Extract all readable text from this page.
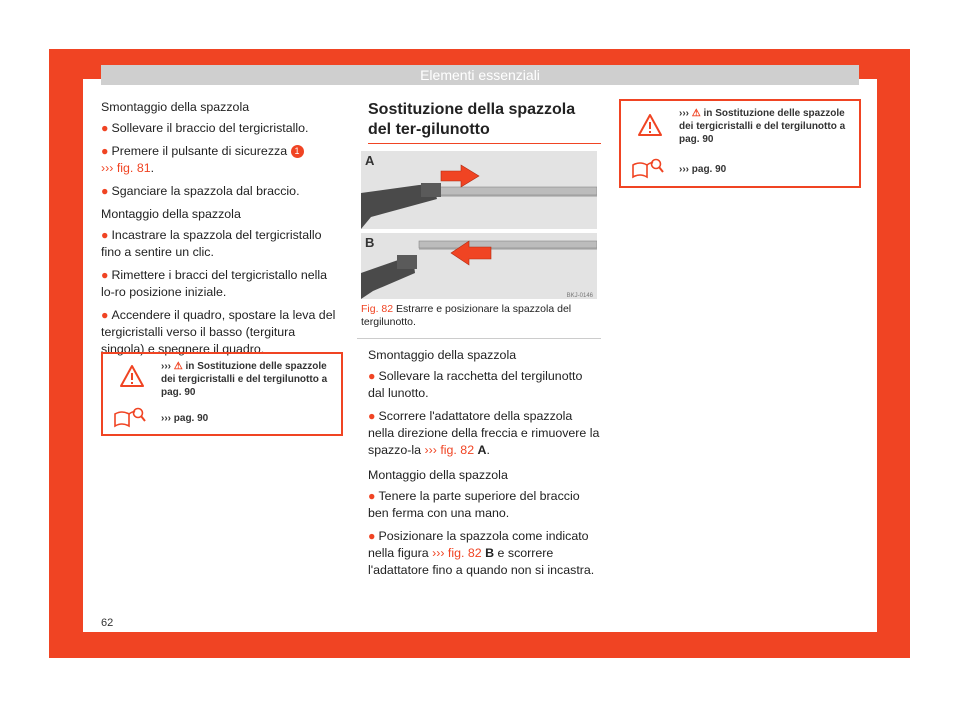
Elementi essenziali
Smontaggio della spazzola

● Sollevare il braccio del tergicristallo.

● Premere il pulsante di sicurezza 1
››› fig. 81.

● Sganciare la spazzola dal braccio.

Montaggio della spazzola

● Incastrare la spazzola del tergicristallo fino a sentire un clic.

● Rimettere i bracci del tergicristallo nella lo-ro posizione iniziale.

● Accendere il quadro, spostare la leva del tergicristalli verso il basso (tergitura singola) e spegnere il quadro.

››› ⚠ in Sostituzione delle spazzole dei tergicristalli e del tergilunotto a pag. 90
››› pag. 90

Sostituzione della spazzola del ter-gilunotto

A
B
BKJ-0146
Fig. 82 Estrarre e posizionare la spazzola del tergilunotto.
Smontaggio della spazzola

● Sollevare la racchetta del tergilunotto dal lunotto.

● Scorrere l'adattatore della spazzola nella direzione della freccia e rimuovere la spazzo-la ››› fig. 82 A.

Montaggio della spazzola

● Tenere la parte superiore del braccio ben ferma con una mano.

● Posizionare la spazzola come indicato nella figura ››› fig. 82 B e scorrere l'adattatore fino a quando non si incastra.

››› ⚠ in Sostituzione delle spazzole dei tergicristalli e del tergilunotto a pag. 90
››› pag. 90
62
